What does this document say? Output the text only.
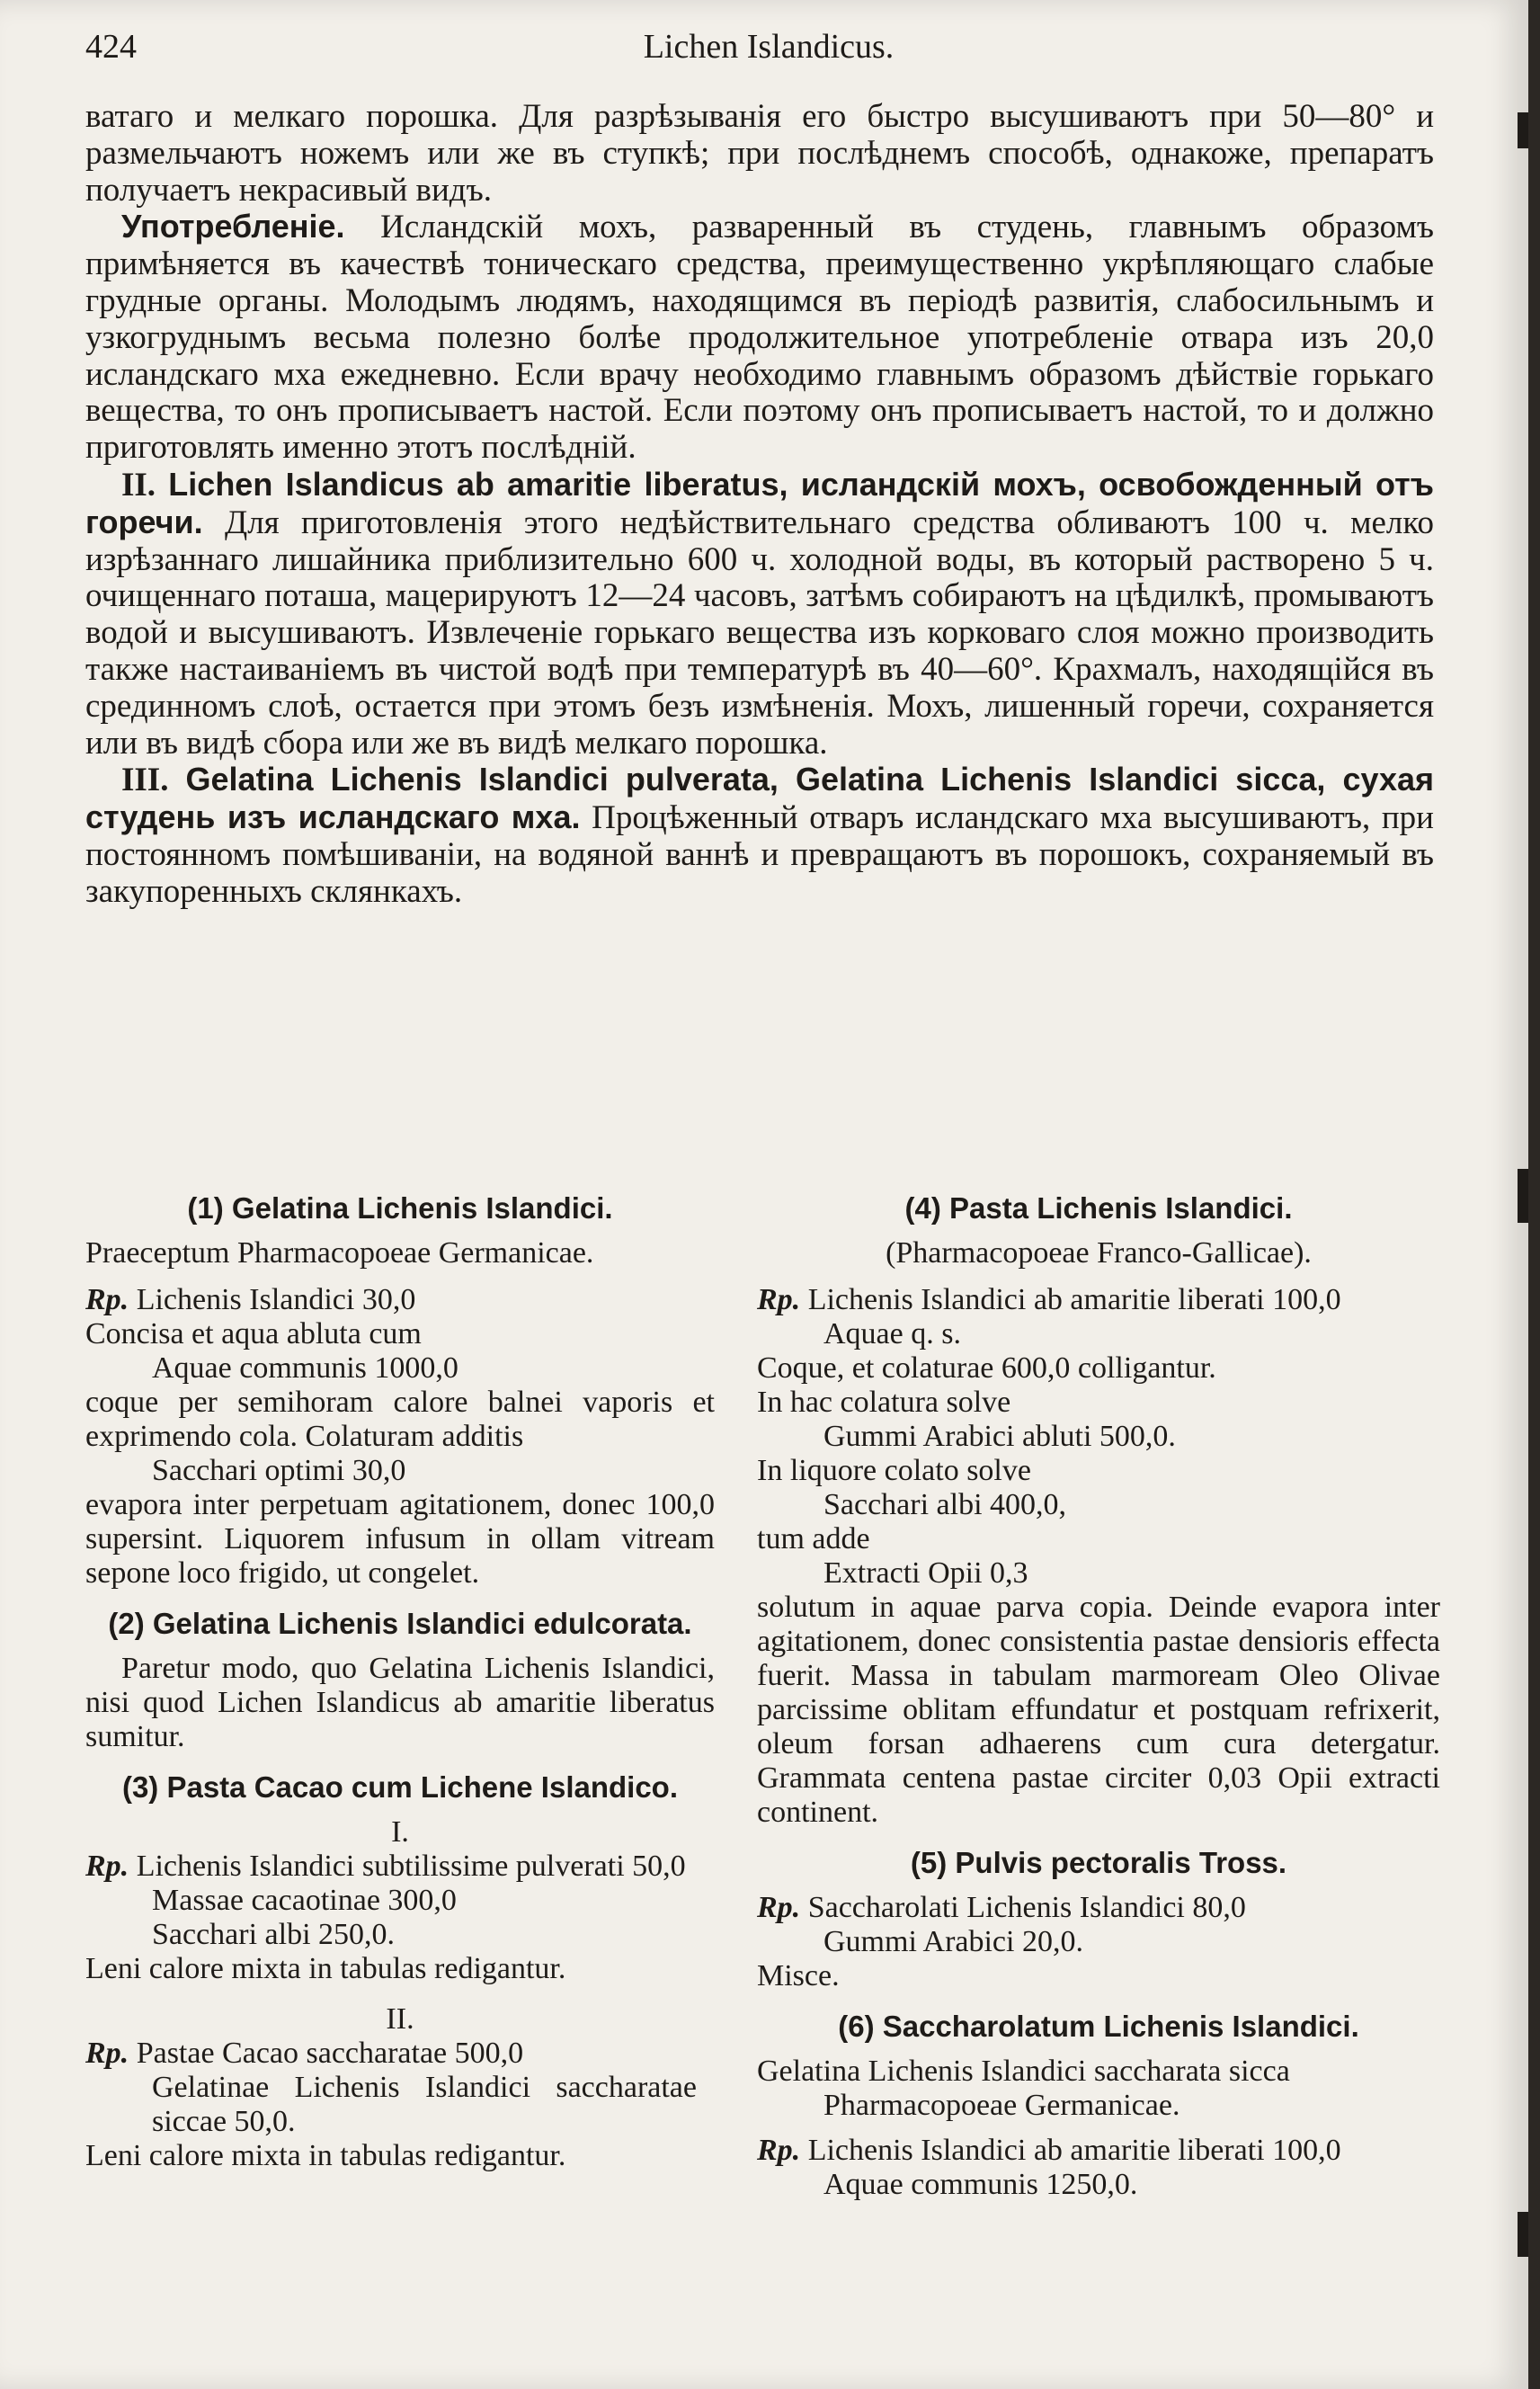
424	Lichen Islandicus.

ватаго и мелкаго порошка. Для разрѣзыванія его быстро высушиваютъ при 50—80° и размельчаютъ ножемъ или же въ ступкѣ; при послѣднемъ способѣ, однакоже, препаратъ получаетъ некрасивый видъ.

Употребленіе. Исландскій мохъ, разваренный въ студень, главнымъ образомъ примѣняется въ качествѣ тоническаго средства, преимущественно укрѣпляющаго слабые грудные органы. Молодымъ людямъ, находящимся въ періодѣ развитія, слабосильнымъ и узкогруднымъ весьма полезно болѣе продолжительное употребленіе отвара изъ 20,0 исландскаго мха ежедневно. Если врачу необходимо главнымъ образомъ дѣйствіе горькаго вещества, то онъ прописываетъ настой. Если поэтому онъ прописываетъ настой, то и должно приготовлять именно этотъ послѣдній.

II. Lichen Islandicus ab amaritie liberatus, исландскій мохъ, освобожденный отъ горечи. Для приготовленія этого недѣйствительнаго средства обливаютъ 100 ч. мелко изрѣзаннаго лишайника приблизительно 600 ч. холодной воды, въ который растворено 5 ч. очищеннаго поташа, мацерируютъ 12—24 часовъ, затѣмъ собираютъ на цѣдилкѣ, промываютъ водой и высушиваютъ. Извлеченіе горькаго вещества изъ корковаго слоя можно производить также настаиваніемъ въ чистой водѣ при температурѣ въ 40—60°. Крахмалъ, находящійся въ срединномъ слоѣ, остается при этомъ безъ измѣненія. Мохъ, лишенный горечи, сохраняется или въ видѣ сбора или же въ видѣ мелкаго порошка.

III. Gelatina Lichenis Islandici pulverata, Gelatina Lichenis Islandici sicca, сухая студень изъ исландскаго мха. Процѣженный отваръ исландскаго мха высушиваютъ, при постоянномъ помѣшиваніи, на водяной ваннѣ и превращаютъ въ порошокъ, сохраняемый въ закупоренныхъ склянкахъ.

(1) Gelatina Lichenis Islandici.

Praeceptum Pharmacopoeae Germanicae.

Rp. Lichenis Islandici 30,0

Concisa et aqua abluta cum

Aquae communis 1000,0

coque per semihoram calore balnei vaporis et exprimendo cola. Colaturam additis

Sacchari optimi 30,0

evapora inter perpetuam agitationem, donec 100,0 supersint. Liquorem infusum in ollam vitream sepone loco frigido, ut congelet.

(2) Gelatina Lichenis Islandici edulcorata.

Paretur modo, quo Gelatina Lichenis Islandici, nisi quod Lichen Islandicus ab amaritie liberatus sumitur.

(3) Pasta Cacao cum Lichene Islandico.

I.

Rp. Lichenis Islandici subtilissime pulveratі 50,0

Massae cacaotinae 300,0

Sacchari albi 250,0.

Leni calore mixta in tabulas redigantur.

II.

Rp. Pastae Cacao saccharatae 500,0

Gelatinae Lichenis Islandici saccharatae siccae 50,0.

Leni calore mixta in tabulas redigantur.

(4) Pasta Lichenis Islandici.

(Pharmacopoeae Franco-Gallicae).

Rp. Lichenis Islandici ab amaritie liberati 100,0

Aquae q. s.

Coque, et colaturae 600,0 colligantur.

In hac colatura solve

Gummi Arabici abluti 500,0.

In liquore colato solve

Sacchari albi 400,0,

tum adde

Extracti Opii 0,3

solutum in aquae parva copia. Deinde evapora inter agitationem, donec consistentia pastae densioris effecta fuerit. Massa in tabulam marmoream Oleo Olivae parcissime oblitam effundatur et postquam refrixerit, oleum forsan adhaerens cum cura detergatur. Grammata centena pastae circiter 0,03 Opii extracti continent.

(5) Pulvis pectoralis Tross.

Rp. Saccharolati Lichenis Islandici 80,0

Gummi Arabici 20,0.

Misce.

(6) Saccharolatum Lichenis Islandici.

Gelatina Lichenis Islandici saccharata sicca

Pharmacopoeae Germanicae.

Rp. Lichenis Islandici ab amaritie liberati 100,0

Aquae communis 1250,0.
